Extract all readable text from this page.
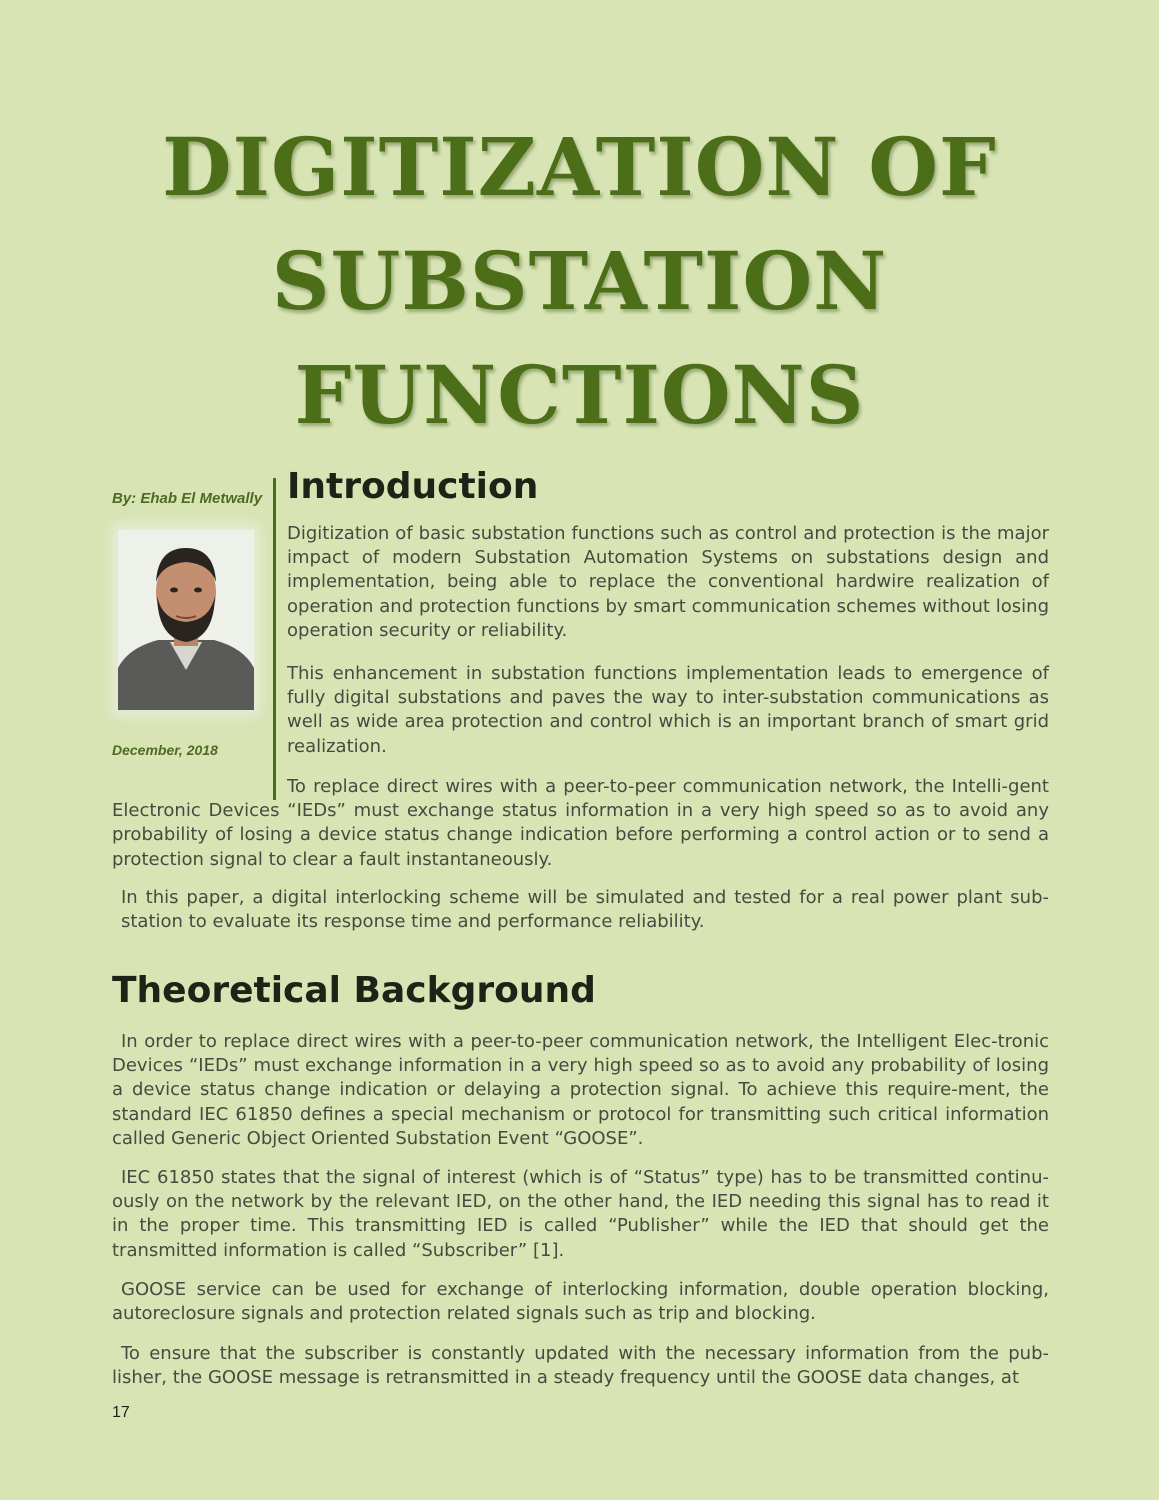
DIGITIZATION OF
SUBSTATION
FUNCTIONS
By: Ehab El Metwally
December, 2018
Introduction

Digitization of basic substation functions such as control and protection is the major impact of modern Substation Automation Systems on substations design and implementation, being able to replace the conventional hardwire realization of operation and protection functions by smart communication schemes without losing operation security or reliability.

This enhancement in substation functions implementation leads to emergence of fully digital substations and paves the way to inter-substation communications as well as wide area protection and control which is an important branch of smart grid realization.

To replace direct wires with a peer-to-peer communication network, the Intelli-gent Electronic Devices “IEDs” must exchange status information in a very high speed so as to avoid any probability of losing a device status change indication before performing a control action or to send a protection signal to clear a fault instantaneously.

In this paper, a digital interlocking scheme will be simulated and tested for a real power plant sub-station to evaluate its response time and performance reliability.

Theoretical Background

In order to replace direct wires with a peer-to-peer communication network, the Intelligent Elec-tronic Devices “IEDs” must exchange information in a very high speed so as to avoid any probability of losing a device status change indication or delaying a protection signal. To achieve this require-ment, the standard IEC 61850 defines a special mechanism or protocol for transmitting such critical information called Generic Object Oriented Substation Event “GOOSE”.

IEC 61850 states that the signal of interest (which is of “Status” type) has to be transmitted continu-ously on the network by the relevant IED, on the other hand, the IED needing this signal has to read it in the proper time. This transmitting IED is called “Publisher” while the IED that should get the transmitted information is called “Subscriber” [1].

GOOSE service can be used for exchange of interlocking information, double operation blocking, autoreclosure signals and protection related signals such as trip and blocking.

To ensure that the subscriber is constantly updated with the necessary information from the pub-lisher, the GOOSE message is retransmitted in a steady frequency until the GOOSE data changes, at

17
